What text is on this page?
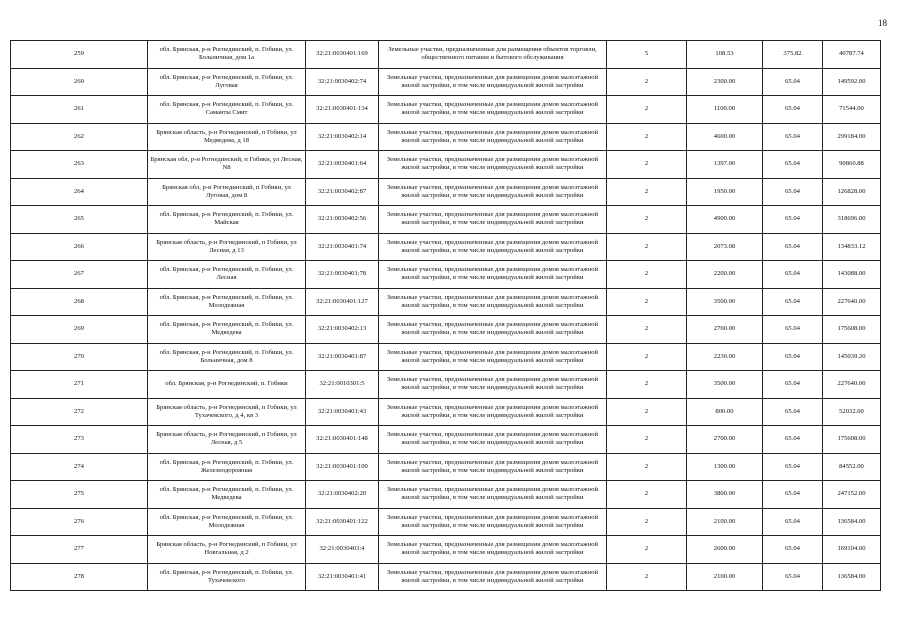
18
259	обл. Брянская, р-н Рогнединский, п. Гобики, ул. Больничная, дом 1а	32:21:0030401:169	Земельные участки, предназначенные для размещения объектов торговли, общественного питания и бытового обслуживания	5	108.53	375.82	40787.74
260	обл. Брянская, р-н Рогнединский, п. Гобики, ул. Луговая	32:21:0030402:74	Земельные участки, предназначенные для размещения домов малоэтажной жилой застройки, в том числе индивидуальной жилой застройки	2	2300.00	65.04	149592.00
261	обл. Брянская, р-н Рогнединский, п. Гобики, ул. Саманты Смит	32:21:0030401:134	Земельные участки, предназначенные для размещения домов малоэтажной жилой застройки, в том числе индивидуальной жилой застройки	2	1100.00	65.04	71544.00
262	Брянская область, р-н Рогнединский, п Гобики, ул Медведева, д 18	32:21:0030402:14	Земельные участки, предназначенные для размещения домов малоэтажной жилой застройки, в том числе индивидуальной жилой застройки	2	4600.00	65.04	299184.00
263	Брянская обл, р-н Рогнединский, п Гобики, ул Лесная, N8	32:21:0030401:64	Земельные участки, предназначенные для размещения домов малоэтажной жилой застройки, в том числе индивидуальной жилой застройки	2	1397.00	65.04	90860.88
264	Брянская обл, р-н Рогнединский, п Гобики, ул Луговая, дом 8	32:21:0030402:87	Земельные участки, предназначенные для размещения домов малоэтажной жилой застройки, в том числе индивидуальной жилой застройки	2	1950.00	65.04	126828.00
265	обл. Брянская, р-н Рогнединский, п. Гобики, ул. Майская	32:21:0030402:56	Земельные участки, предназначенные для размещения домов малоэтажной жилой застройки, в том числе индивидуальной жилой застройки	2	4900.00	65.04	318696.00
266	Брянская область, р-н Рогнединский, п Гобики, ул Лесная, д 13	32:21:0030401:74	Земельные участки, предназначенные для размещения домов малоэтажной жилой застройки, в том числе индивидуальной жилой застройки	2	2073.08	65.04	134833.12
267	обл. Брянская, р-н Рогнединский, п. Гобики, ул. Лесная	32:21:0030401:78	Земельные участки, предназначенные для размещения домов малоэтажной жилой застройки, в том числе индивидуальной жилой застройки	2	2200.00	65.04	143088.00
268	обл. Брянская, р-н Рогнединский, п. Гобики, ул. Молодежная	32:21:0030401:127	Земельные участки, предназначенные для размещения домов малоэтажной жилой застройки, в том числе индивидуальной жилой застройки	2	3500.00	65.04	227640.00
269	обл. Брянская, р-н Рогнединский, п. Гобики, ул. Медведева	32:21:0030402:13	Земельные участки, предназначенные для размещения домов малоэтажной жилой застройки, в том числе индивидуальной жилой застройки	2	2700.00	65.04	175608.00
270	обл. Брянская, р-н Рогнединский, п. Гобики, ул. Больничная, дом 8	32:21:0030401:87	Земельные участки, предназначенные для размещения домов малоэтажной жилой застройки, в том числе индивидуальной жилой застройки	2	2230.00	65.04	145039.20
271	обл. Брянская, р-н Рогнединский, п. Гобики	32:21:0010301:5	Земельные участки, предназначенные для размещения домов малоэтажной жилой застройки, в том числе индивидуальной жилой застройки	2	3500.00	65.04	227640.00
272	Брянская область, р-н Рогнединский, п Гобики, ул Тухачевского, д 4, кв 3	32:21:0030401:43	Земельные участки, предназначенные для размещения домов малоэтажной жилой застройки, в том числе индивидуальной жилой застройки	2	800.00	65.04	52032.00
273	Брянская область, р-н Рогнединский, п Гобики, ул Лесная, д 5	32:21:0030401:148	Земельные участки, предназначенные для размещения домов малоэтажной жилой застройки, в том числе индивидуальной жилой застройки	2	2700.00	65.04	175608.00
274	обл. Брянская, р-н Рогнединский, п. Гобики, ул. Железнодорожная	32:21:0030401:100	Земельные участки, предназначенные для размещения домов малоэтажной жилой застройки, в том числе индивидуальной жилой застройки	2	1300.00	65.04	84552.00
275	обл. Брянская, р-н Рогнединский, п. Гобики, ул. Медведева	32:21:0030402:20	Земельные участки, предназначенные для размещения домов малоэтажной жилой застройки, в том числе индивидуальной жилой застройки	2	3800.00	65.04	247152.00
276	обл. Брянская, р-н Рогнединский, п. Гобики, ул. Молодежная	32:21:0030401:122	Земельные участки, предназначенные для размещения домов малоэтажной жилой застройки, в том числе индивидуальной жилой застройки	2	2100.00	65.04	136584.00
277	Брянская область, р-н Рогнединский, п Гобики, ул Новгальная, д 2	32:21:0030403:4	Земельные участки, предназначенные для размещения домов малоэтажной жилой застройки, в том числе индивидуальной жилой застройки	2	2600.00	65.04	169104.00
278	обл. Брянская, р-н Рогнединский, п. Гобики, ул. Тухачевского	32:21:0030401:41	Земельные участки, предназначенные для размещения домов малоэтажной жилой застройки, в том числе индивидуальной жилой застройки	2	2100.00	65.04	136584.00
